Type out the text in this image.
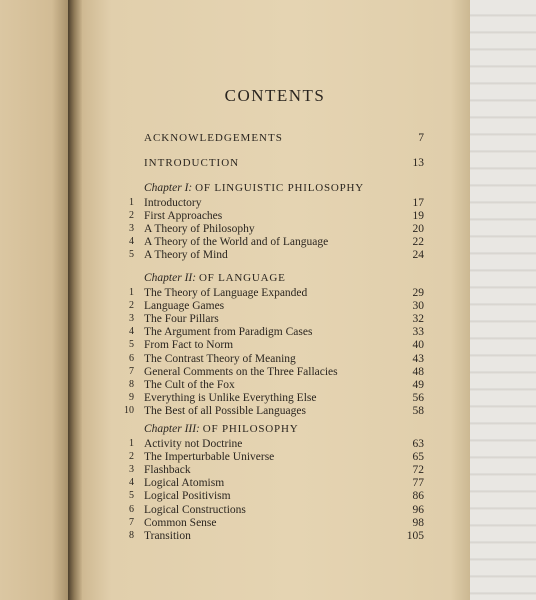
CONTENTS
ACKNOWLEDGEMENTS	7
INTRODUCTION	13
Chapter I: OF LINGUISTIC PHILOSOPHY
1 Introductory	17
2 First Approaches	19
3 A Theory of Philosophy	20
4 A Theory of the World and of Language	22
5 A Theory of Mind	24
Chapter II: OF LANGUAGE
1 The Theory of Language Expanded	29
2 Language Games	30
3 The Four Pillars	32
4 The Argument from Paradigm Cases	33
5 From Fact to Norm	40
6 The Contrast Theory of Meaning	43
7 General Comments on the Three Fallacies	48
8 The Cult of the Fox	49
9 Everything is Unlike Everything Else	56
10 The Best of all Possible Languages	58
Chapter III: OF PHILOSOPHY
1 Activity not Doctrine	63
2 The Imperturbable Universe	65
3 Flashback	72
4 Logical Atomism	77
5 Logical Positivism	86
6 Logical Constructions	96
7 Common Sense	98
8 Transition	105
